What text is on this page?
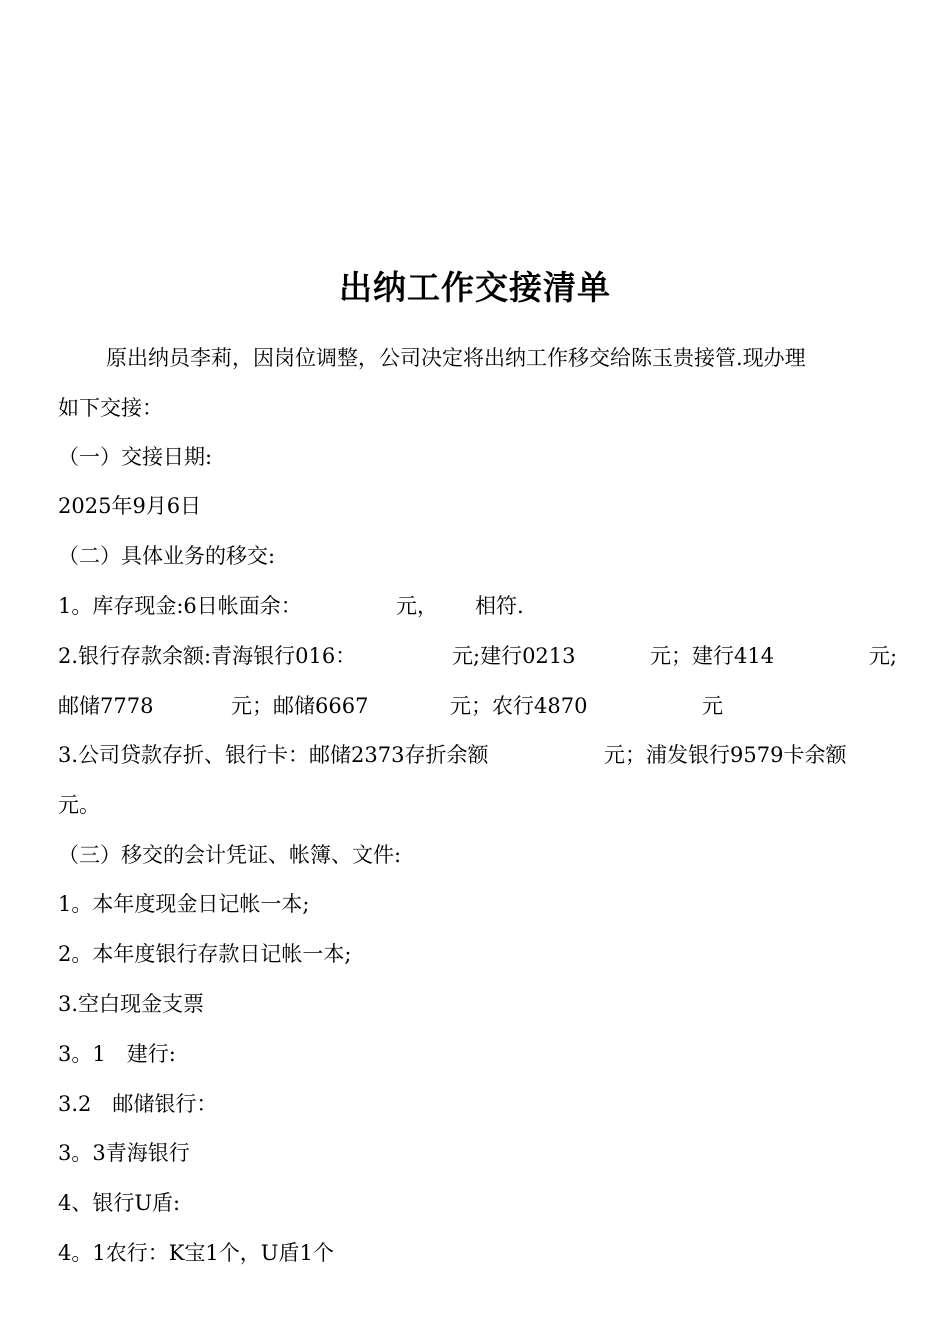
出纳工作交接清单
原出纳员李莉，因岗位调整，公司决定将出纳工作移交给陈玉贵接管.现办理
如下交接：
（一）交接日期:
2025年9月6日
（二）具体业务的移交:
1。库存现金:6日帐面余：	元， 相符.
2.银行存款余额:青海银行016：	元;建行0213	元；建行414	元;
邮储7778	元；邮储6667	元；农行4870	元
3.公司贷款存折、银行卡：邮储2373存折余额	元；浦发银行9579卡余额
元。
（三）移交的会计凭证、帐簿、文件:
1。本年度现金日记帐一本;
2。本年度银行存款日记帐一本;
3.空白现金支票
3。1　建行:
3.2　邮储银行：
3。3青海银行
4、银行U盾:
4。1农行：K宝1个，U盾1个
